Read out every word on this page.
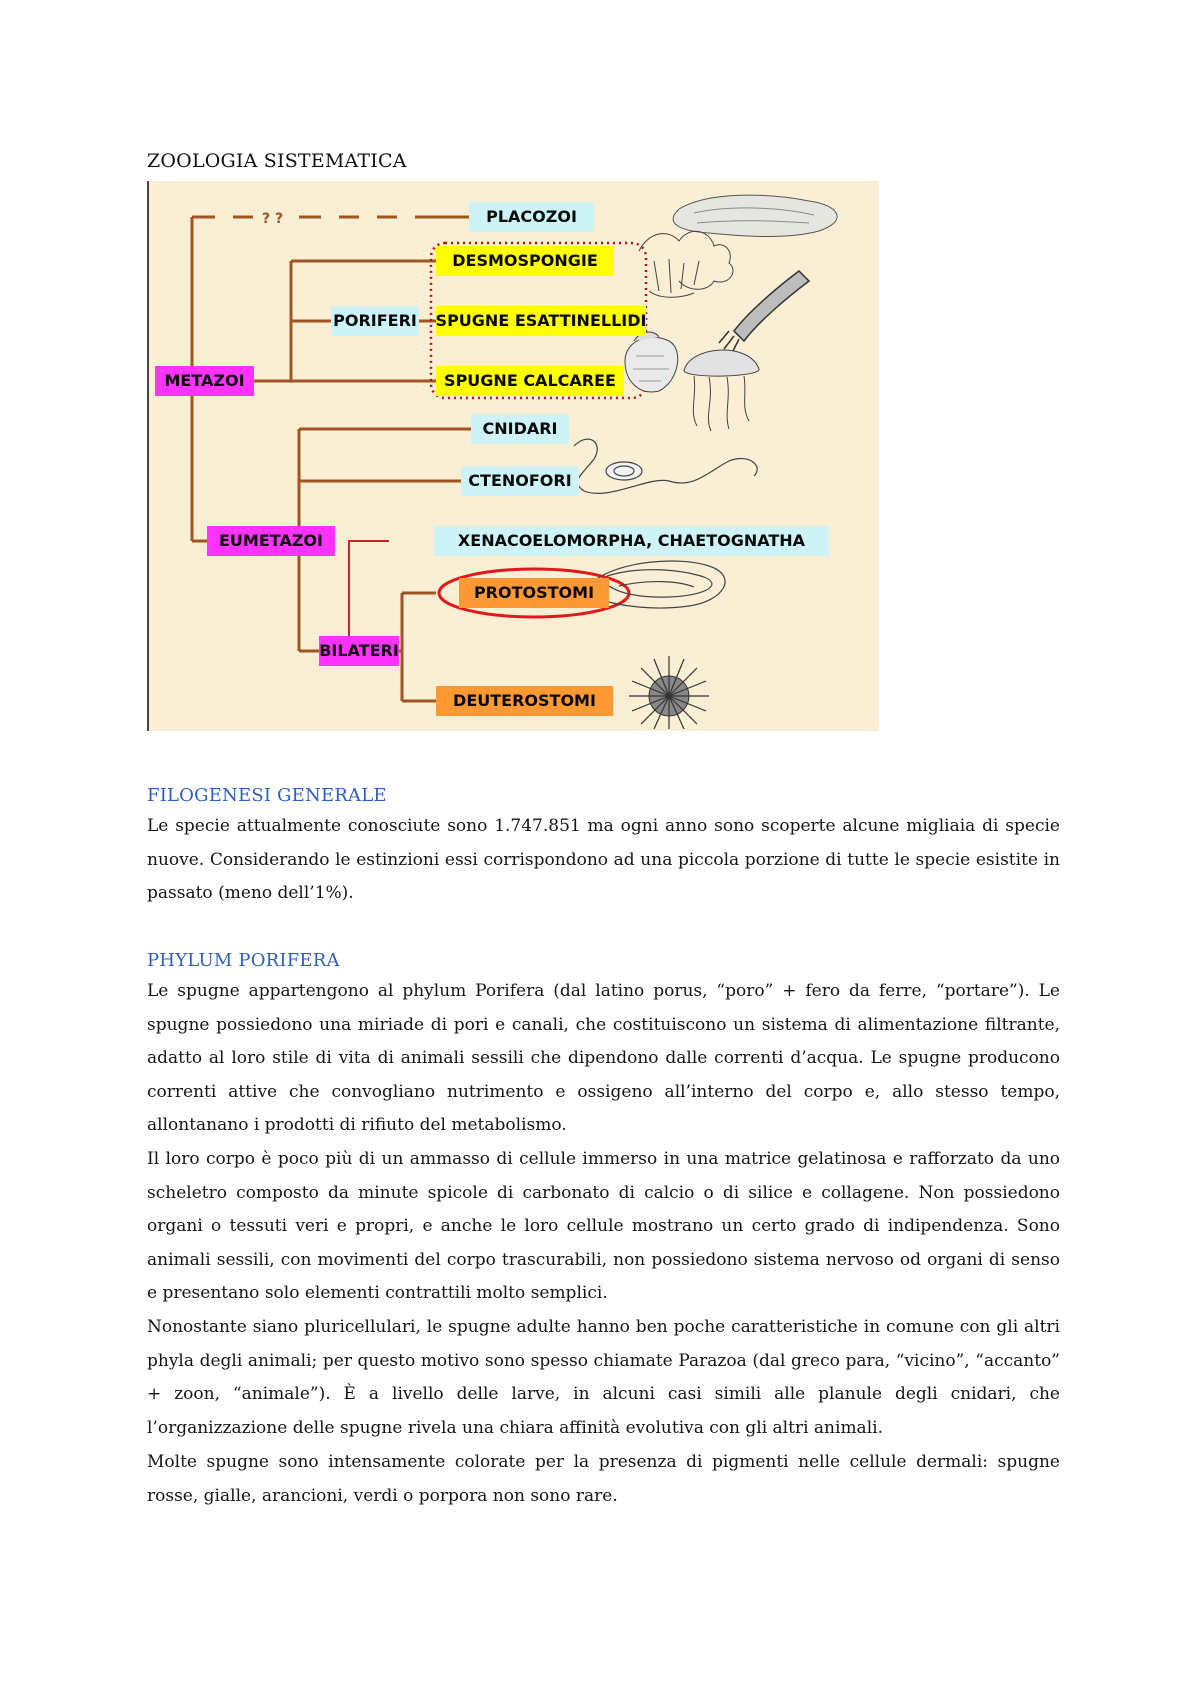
ZOOLOGIA SISTEMATICA
? ?	PLACOZOI
DESMOSPONGIE
PORIFERI SPUGNE ESATTINELLIDI
METAZOI	SPUGNE CALCAREE
CNIDARI
CTENOFORI
EUMETAZOI	XENACOELOMORPHA, CHAETOGNATHA
PROTOSTOMI
BILATERI
DEUTEROSTOMI
FILOGENESI GENERALE

Le specie attualmente conosciute sono 1.747.851 ma ogni anno sono scoperte alcune migliaia di specie nuove. Considerando le estinzioni essi corrispondono ad una piccola porzione di tutte le specie esistite in passato (meno dell’1%).

PHYLUM PORIFERA

Le spugne appartengono al phylum Porifera (dal latino porus, “poro” + fero da ferre, “portare”). Le spugne possiedono una miriade di pori e canali, che costituiscono un sistema di alimentazione filtrante, adatto al loro stile di vita di animali sessili che dipendono dalle correnti d’acqua. Le spugne producono correnti attive che convogliano nutrimento e ossigeno all’interno del corpo e, allo stesso tempo, allontanano i prodotti di rifiuto del metabolismo.

Il loro corpo è poco più di un ammasso di cellule immerso in una matrice gelatinosa e rafforzato da uno scheletro composto da minute spicole di carbonato di calcio o di silice e collagene. Non possiedono organi o tessuti veri e propri, e anche le loro cellule mostrano un certo grado di indipendenza. Sono animali sessili, con movimenti del corpo trascurabili, non possiedono sistema nervoso od organi di senso e presentano solo elementi contrattili molto semplici.

Nonostante siano pluricellulari, le spugne adulte hanno ben poche caratteristiche in comune con gli altri phyla degli animali; per questo motivo sono spesso chiamate Parazoa (dal greco para, “vicino”, “accanto” + zoon, “animale”). È a livello delle larve, in alcuni casi simili alle planule degli cnidari, che l’organizzazione delle spugne rivela una chiara affinità evolutiva con gli altri animali.

Molte spugne sono intensamente colorate per la presenza di pigmenti nelle cellule dermali: spugne rosse, gialle, arancioni, verdi o porpora non sono rare.
